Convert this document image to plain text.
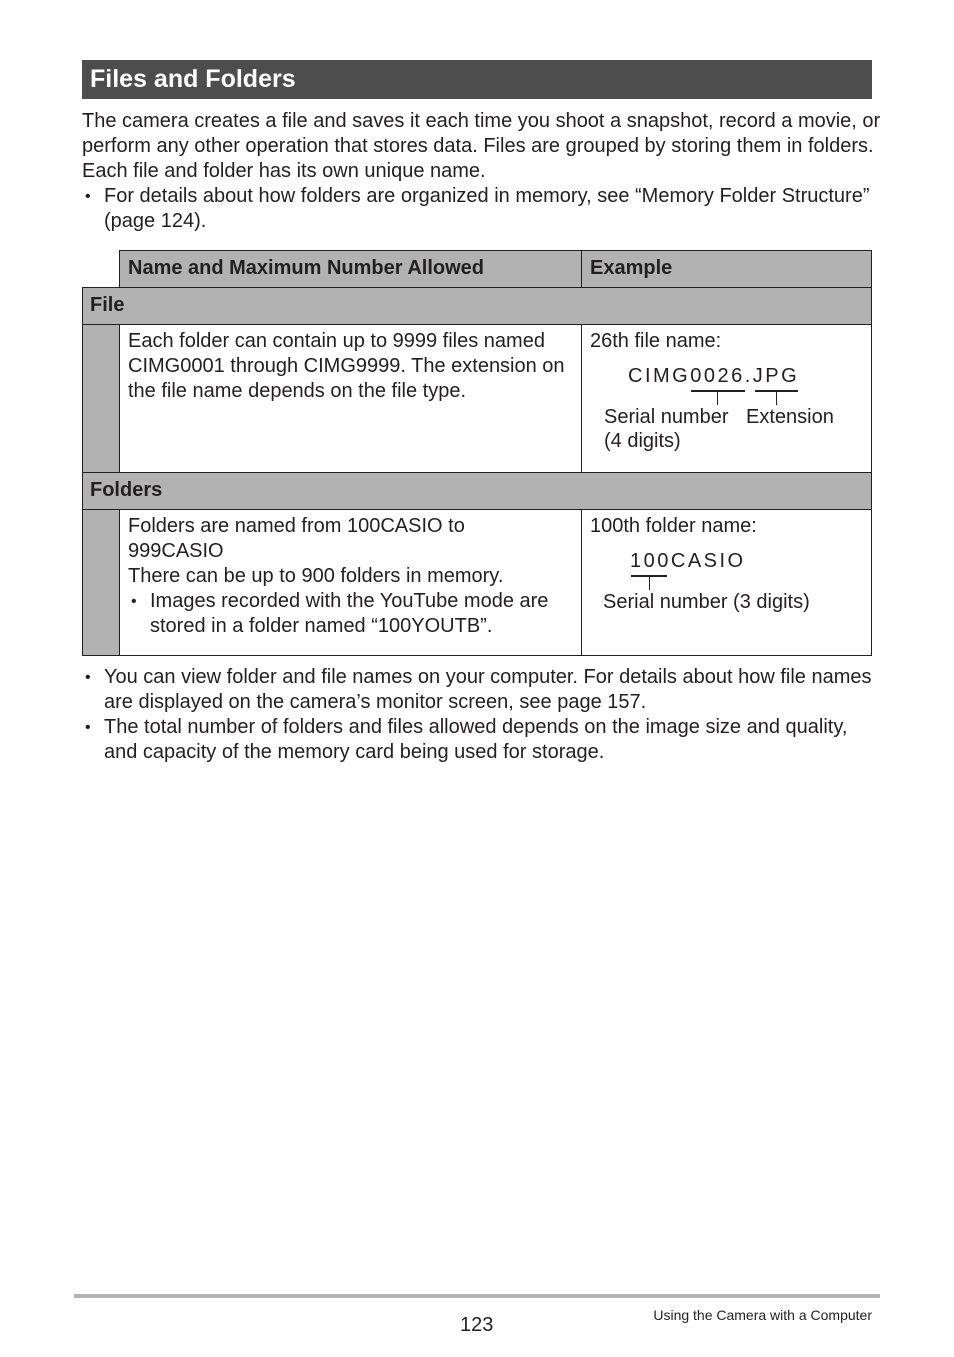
Files and Folders

The camera creates a file and saves it each time you shoot a snapshot, record a movie, or perform any other operation that stores data. Files are grouped by storing them in folders. Each file and folder has its own unique name.

• For details about how folders are organized in memory, see “Memory Folder Structure” (page 124).
Name and Maximum Number Allowed	Example
File
Each folder can contain up to 9999 files named CIMG0001 through CIMG9999. The extension on the file name depends on the file type.
26th file name:
CIMG0026.JPG
Serial number Extension
(4 digits)
Folders
Folders are named from 100CASIO to 999CASIO
There can be up to 900 folders in memory.
• Images recorded with the YouTube mode are stored in a folder named “100YOUTB”.
100th folder name:
100CASIO
Serial number (3 digits)
• You can view folder and file names on your computer. For details about how file names are displayed on the camera’s monitor screen, see page 157.
• The total number of folders and files allowed depends on the image size and quality, and capacity of the memory card being used for storage.
123	Using the Camera with a Computer
